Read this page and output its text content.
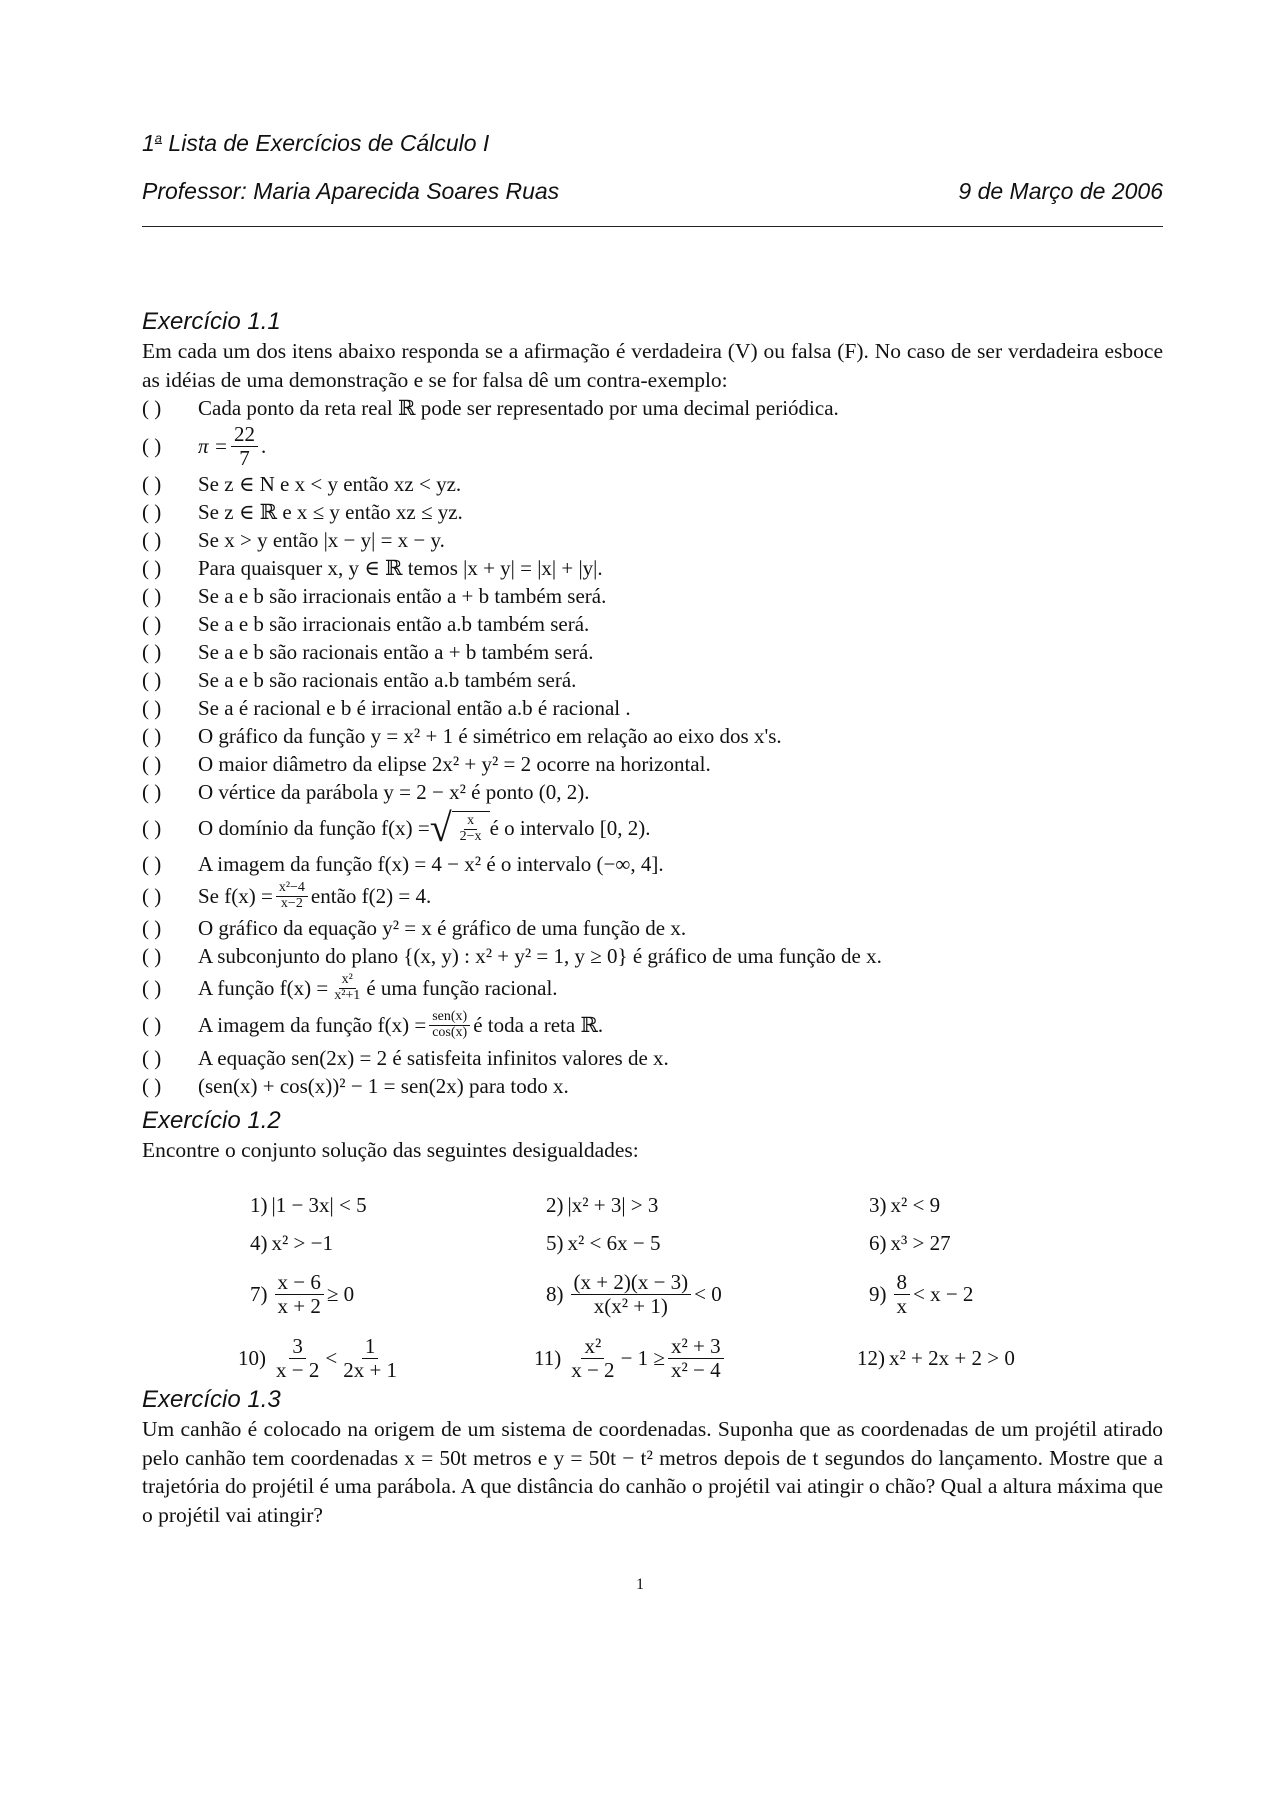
1$^a$ Lista de Exercícios de Cálculo I
Professor: Maria Aparecida Soares Ruas	9 de Março de 2006
Exercício 1.1
Em cada um dos itens abaixo responda se a afirmação é verdadeira (V) ou falsa (F). No caso de ser verdadeira esboce as idéias de uma demonstração e se for falsa dê um contra-exemplo:
( )	Cada ponto da reta real ℝ pode ser representado por uma decimal periódica.
( )	$\pi = \frac{22}{7}$ .
( )	Se z ∈ N e x < y então xz < yz.
( )	Se z ∈ ℝ e x ≤ y então xz ≤ yz.
( )	Se x > y então |x − y| = x − y.
( )	Para quaisquer x, y ∈ ℝ temos |x + y| = |x| + |y|.
( )	Se a e b são irracionais então a + b também será.
( )	Se a e b são irracionais então a.b também será.
( )	Se a e b são racionais então a + b também será.
( )	Se a e b são racionais então a.b também será.
( )	Se a é racional e b é irracional então a.b é racional .
( )	O gráfico da função y = x² + 1 é simétrico em relação ao eixo dos x's.
( )	O maior diâmetro da elipse 2x² + y² = 2 ocorre na horizontal.
( )	O vértice da parábola y = 2 − x² é ponto (0, 2).
( )	O domínio da função f(x) = √ $\frac{x}{2-x}$ é o intervalo [0, 2).
( )	A imagem da função f(x) = 4 − x² é o intervalo (−∞, 4].
( )	Se $f(x) = \frac{\text{x²−4}}{x-2}$ então f(2) = 4.
( )	O gráfico da equação y² = x é gráfico de uma função de x.
( )	A subconjunto do plano {(x, y) : x² + y² = 1, y ≥ 0} é gráfico de uma função de x.
( )	A função $f(x) = \frac{\text{x²}}{\text{x²+1}}$ é uma função racional.
( )	A imagem da função $f(x) = \frac{\text{sen(x)}}{\cos(x)}$ é toda a reta ℝ.
( )	A equação sen(2x) = 2 é satisfeita infinitos valores de x.
( )	(sen(x) + cos(x))² − 1 = sen(2x) para todo x.
Exercício 1.2
Encontre o conjunto solução das seguintes desigualdades:
1) |1 − 3x| < 5	2) |x² + 3| > 3	3) x² < 9
4) x² > −1	5) x² < 6x − 5	6) x³ > 27
$7) \frac{x - 6}{x + 2} \ge 0$	$8) \frac{(x + 2)(x - 3)}{\text{x(x² + 1)}} < 0$	$9) \frac{8}{x} < x - 2$
$10) \frac{3}{x - 2} < \frac{1}{2x + 1}$	$11) \frac{\text{x²}}{x - 2} - 1 \ge \frac{\text{x² + 3}}{\text{x² − 4}}$	12) x² + 2x + 2 > 0
Exercício 1.3
Um canhão é colocado na origem de um sistema de coordenadas. Suponha que as coordenadas de um projétil atirado pelo canhão tem coordenadas x = 50t metros e y = 50t − t² metros depois de t segundos do lançamento. Mostre que a trajetória do projétil é uma parábola. A que distância do canhão o projétil vai atingir o chão? Qual a altura máxima que o projétil vai atingir?
1
